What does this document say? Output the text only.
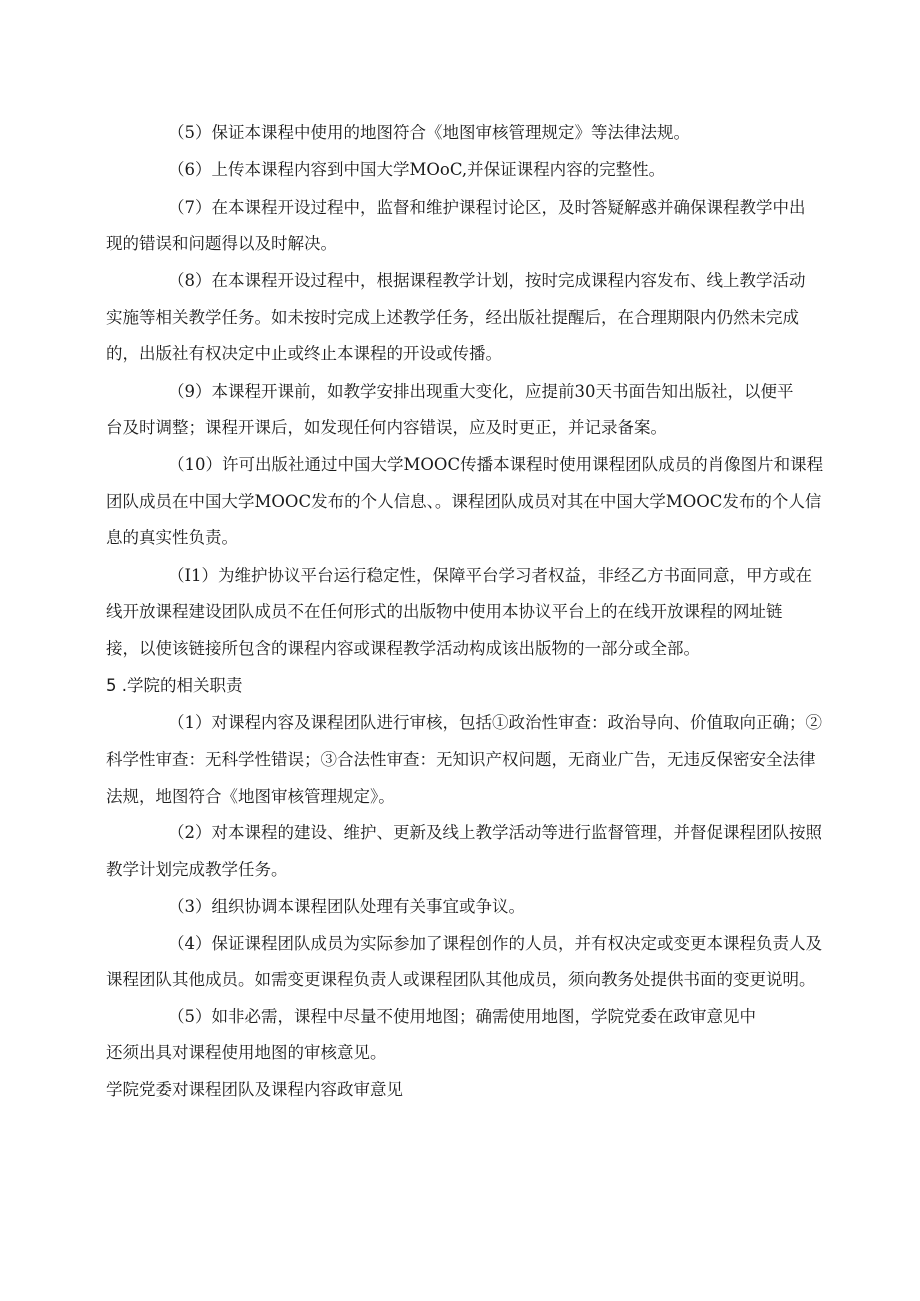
（5）保证本课程中使用的地图符合《地图审核管理规定》等法律法规。
（6）上传本课程内容到中国大学MOoC,并保证课程内容的完整性。
（7）在本课程开设过程中，监督和维护课程讨论区，及时答疑解惑并确保课程教学中出
现的错误和问题得以及时解决。
（8）在本课程开设过程中，根据课程教学计划，按时完成课程内容发布、线上教学活动
实施等相关教学任务。如未按时完成上述教学任务，经出版社提醒后，在合理期限内仍然未完成
的，出版社有权决定中止或终止本课程的开设或传播。
（9）本课程开课前，如教学安排出现重大变化，应提前30天书面告知出版社，以便平
台及时调整；课程开课后，如发现任何内容错误，应及时更正，并记录备案。
（10）许可出版社通过中国大学MOOC传播本课程时使用课程团队成员的肖像图片和课程
团队成员在中国大学MOOC发布的个人信息、。课程团队成员对其在中国大学MOOC发布的个人信
息的真实性负责。
（I1）为维护协议平台运行稳定性，保障平台学习者权益，非经乙方书面同意，甲方或在
线开放课程建设团队成员不在任何形式的出版物中使用本协议平台上的在线开放课程的网址链
接，以使该链接所包含的课程内容或课程教学活动构成该出版物的一部分或全部。
5 .学院的相关职责
（1）对课程内容及课程团队进行审核，包括①政治性审查：政治导向、价值取向正确；②
科学性审查：无科学性错误；③合法性审查：无知识产权问题，无商业广告，无违反保密安全法律
法规，地图符合《地图审核管理规定》。
（2）对本课程的建设、维护、更新及线上教学活动等进行监督管理，并督促课程团队按照
教学计划完成教学任务。
（3）组织协调本课程团队处理有关事宜或争议。
（4）保证课程团队成员为实际参加了课程创作的人员，并有权决定或变更本课程负责人及
课程团队其他成员。如需变更课程负责人或课程团队其他成员，须向教务处提供书面的变更说明。
（5）如非必需，课程中尽量不使用地图；确需使用地图，学院党委在政审意见中
还须出具对课程使用地图的审核意见。
学院党委对课程团队及课程内容政审意见
